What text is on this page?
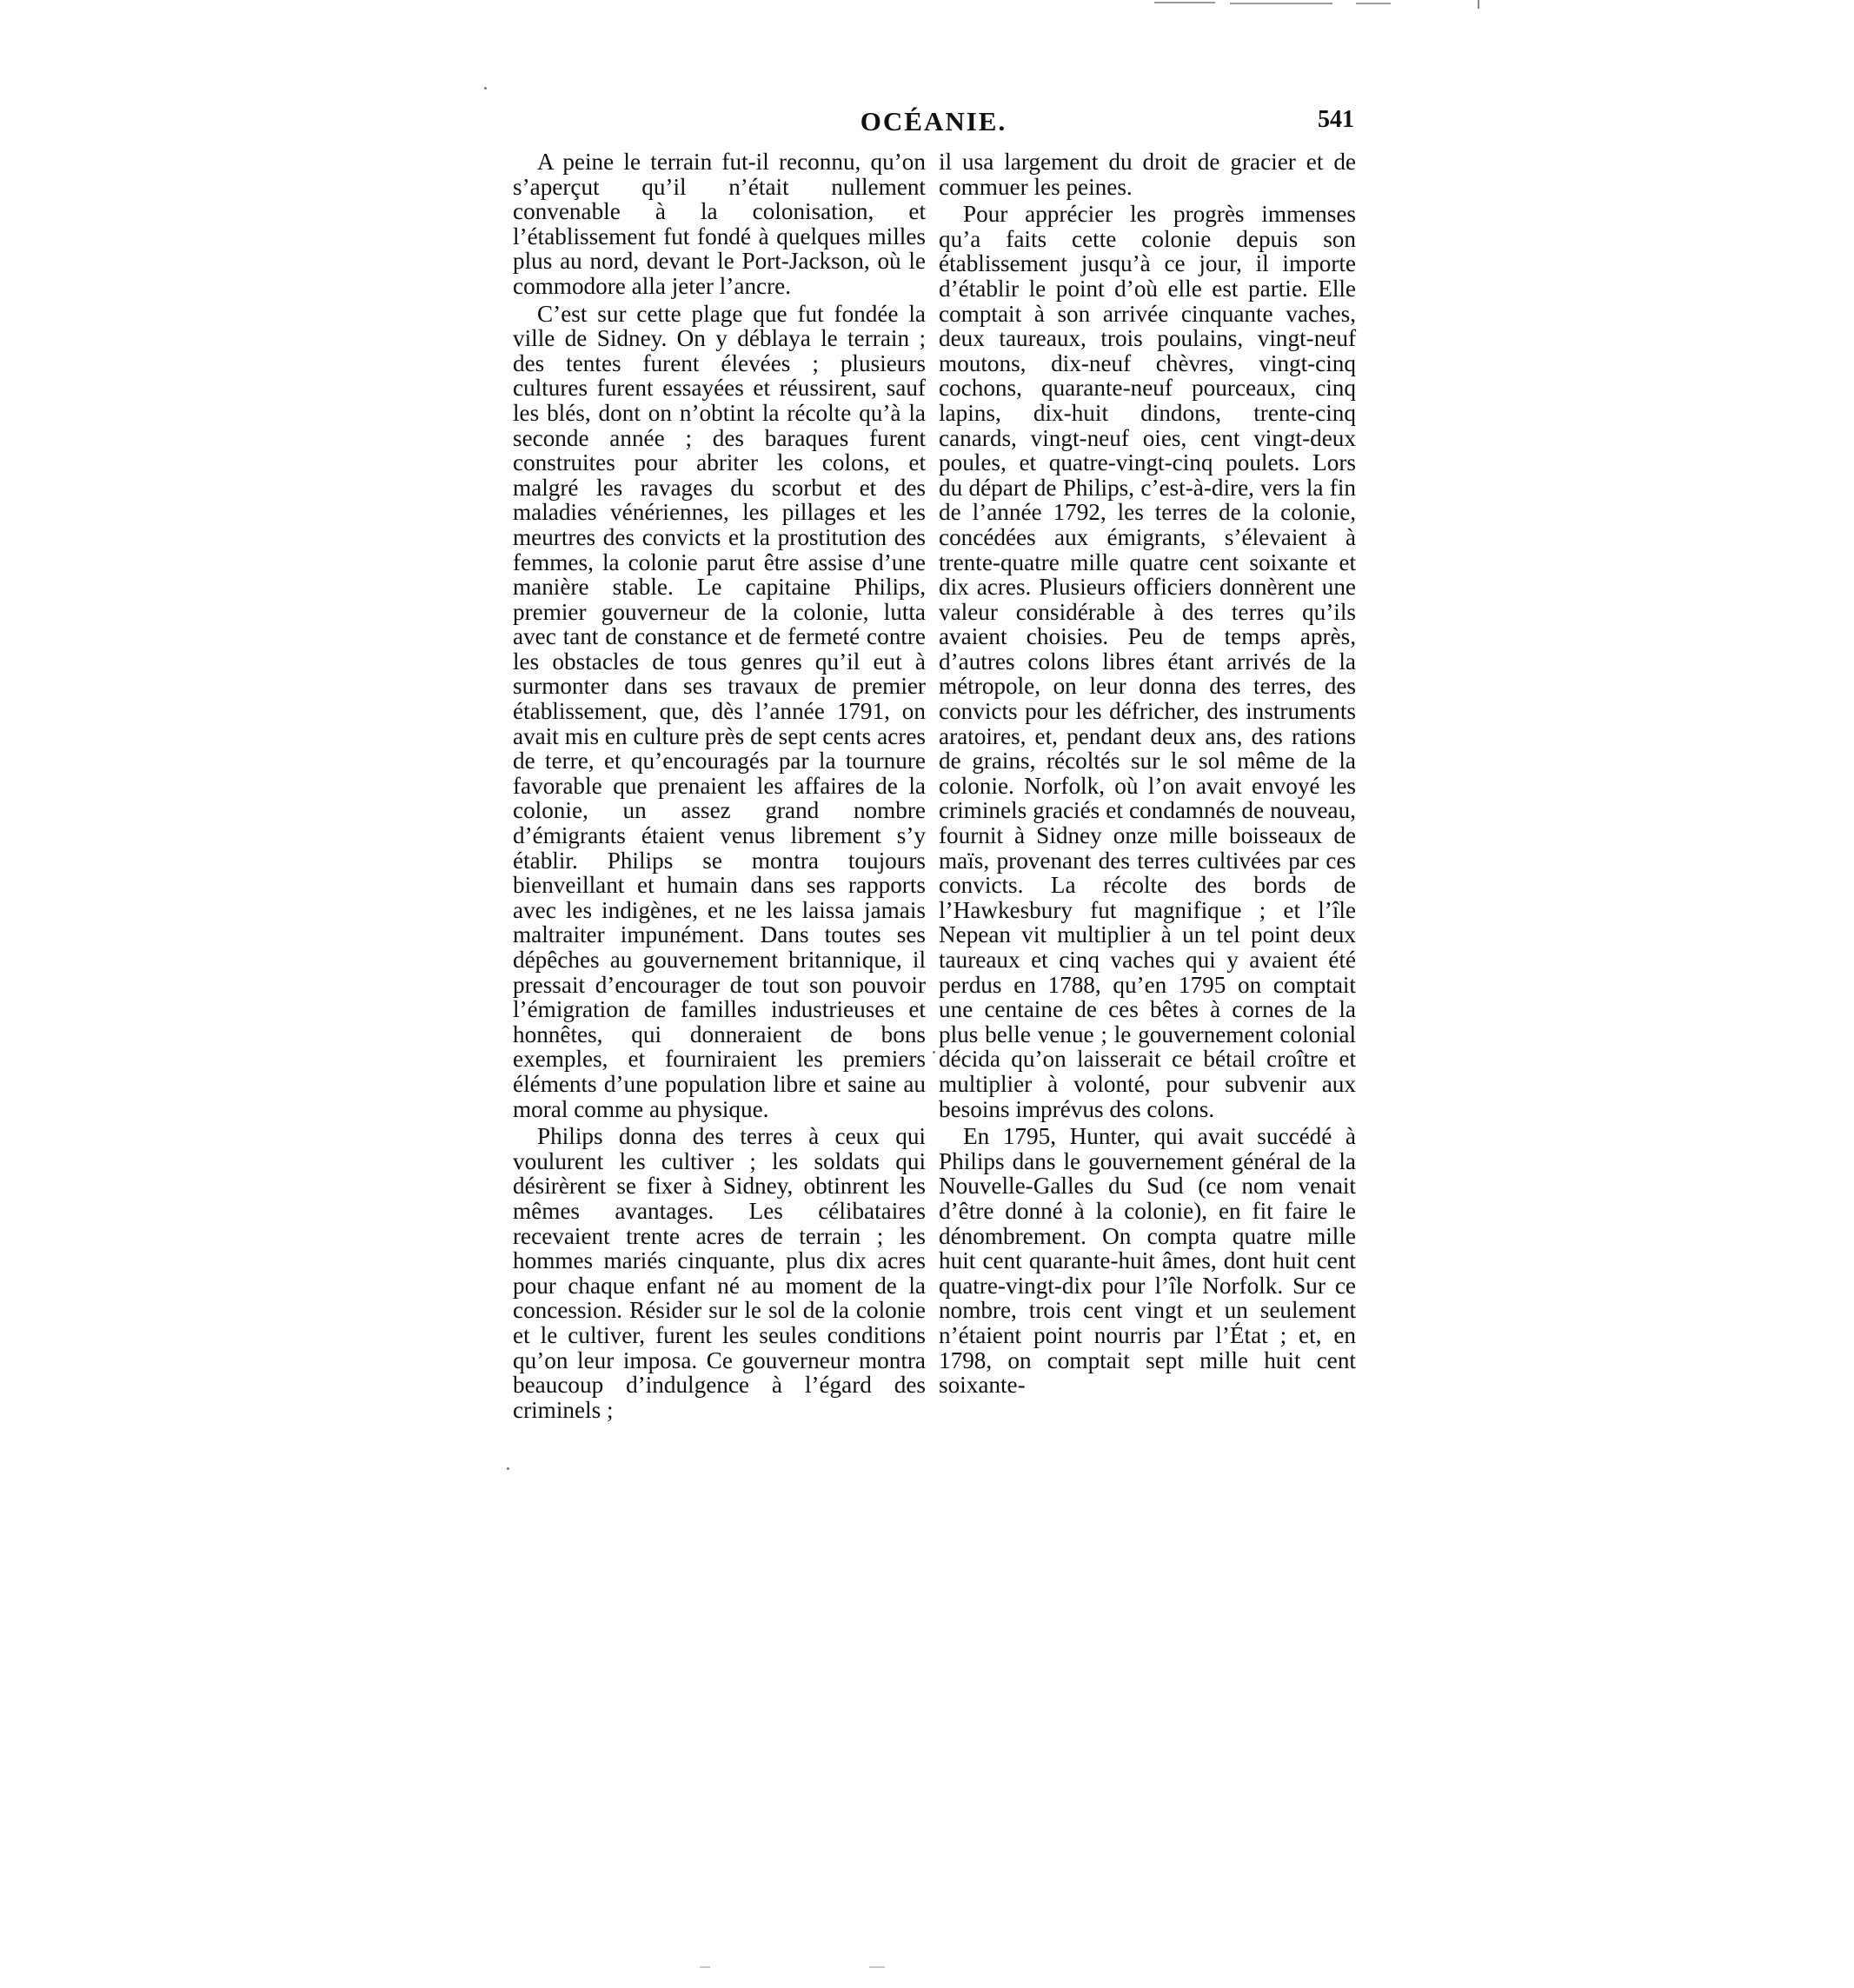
OCÉANIE.	541

A peine le terrain fut-il reconnu, qu’on s’aperçut qu’il n’était nullement convenable à la colonisation, et l’établissement fut fondé à quelques milles plus au nord, devant le Port-Jackson, où le commodore alla jeter l’ancre.

C’est sur cette plage que fut fondée la ville de Sidney. On y déblaya le terrain ; des tentes furent élevées ; plusieurs cultures furent essayées et réussirent, sauf les blés, dont on n’obtint la récolte qu’à la seconde année ; des baraques furent construites pour abriter les colons, et malgré les ravages du scorbut et des maladies vénériennes, les pillages et les meurtres des convicts et la prostitution des femmes, la colonie parut être assise d’une manière stable. Le capitaine Philips, premier gouverneur de la colonie, lutta avec tant de constance et de fermeté contre les obstacles de tous genres qu’il eut à surmonter dans ses travaux de premier établissement, que, dès l’année 1791, on avait mis en culture près de sept cents acres de terre, et qu’encouragés par la tournure favorable que prenaient les affaires de la colonie, un assez grand nombre d’émigrants étaient venus librement s’y établir. Philips se montra toujours bienveillant et humain dans ses rapports avec les indigènes, et ne les laissa jamais maltraiter impunément. Dans toutes ses dépêches au gouvernement britannique, il pressait d’encourager de tout son pouvoir l’émigration de familles industrieuses et honnêtes, qui donneraient de bons exemples, et fourniraient les premiers éléments d’une population libre et saine au moral comme au physique.

Philips donna des terres à ceux qui voulurent les cultiver ; les soldats qui désirèrent se fixer à Sidney, obtinrent les mêmes avantages. Les célibataires recevaient trente acres de terrain ; les hommes mariés cinquante, plus dix acres pour chaque enfant né au moment de la concession. Résider sur le sol de la colonie et le cultiver, furent les seules conditions qu’on leur imposa. Ce gouverneur montra beaucoup d’indulgence à l’égard des criminels ;

il usa largement du droit de gracier et de commuer les peines.

Pour apprécier les progrès immenses qu’a faits cette colonie depuis son établissement jusqu’à ce jour, il importe d’établir le point d’où elle est partie. Elle comptait à son arrivée cinquante vaches, deux taureaux, trois poulains, vingt-neuf moutons, dix-neuf chèvres, vingt-cinq cochons, quarante-neuf pourceaux, cinq lapins, dix-huit dindons, trente-cinq canards, vingt-neuf oies, cent vingt-deux poules, et quatre-vingt-cinq poulets. Lors du départ de Philips, c’est-à-dire, vers la fin de l’année 1792, les terres de la colonie, concédées aux émigrants, s’élevaient à trente-quatre mille quatre cent soixante et dix acres. Plusieurs officiers donnèrent une valeur considérable à des terres qu’ils avaient choisies. Peu de temps après, d’autres colons libres étant arrivés de la métropole, on leur donna des terres, des convicts pour les défricher, des instruments aratoires, et, pendant deux ans, des rations de grains, récoltés sur le sol même de la colonie. Norfolk, où l’on avait envoyé les criminels graciés et condamnés de nouveau, fournit à Sidney onze mille boisseaux de maïs, provenant des terres cultivées par ces convicts. La récolte des bords de l’Hawkesbury fut magnifique ; et l’île Nepean vit multiplier à un tel point deux taureaux et cinq vaches qui y avaient été perdus en 1788, qu’en 1795 on comptait une centaine de ces bêtes à cornes de la plus belle venue ; le gouvernement colonial décida qu’on laisserait ce bétail croître et multiplier à volonté, pour subvenir aux besoins imprévus des colons.

En 1795, Hunter, qui avait succédé à Philips dans le gouvernement général de la Nouvelle-Galles du Sud (ce nom venait d’être donné à la colonie), en fit faire le dénombrement. On compta quatre mille huit cent quarante-huit âmes, dont huit cent quatre-vingt-dix pour l’île Norfolk. Sur ce nombre, trois cent vingt et un seulement n’étaient point nourris par l’État ; et, en 1798, on comptait sept mille huit cent soixante-
